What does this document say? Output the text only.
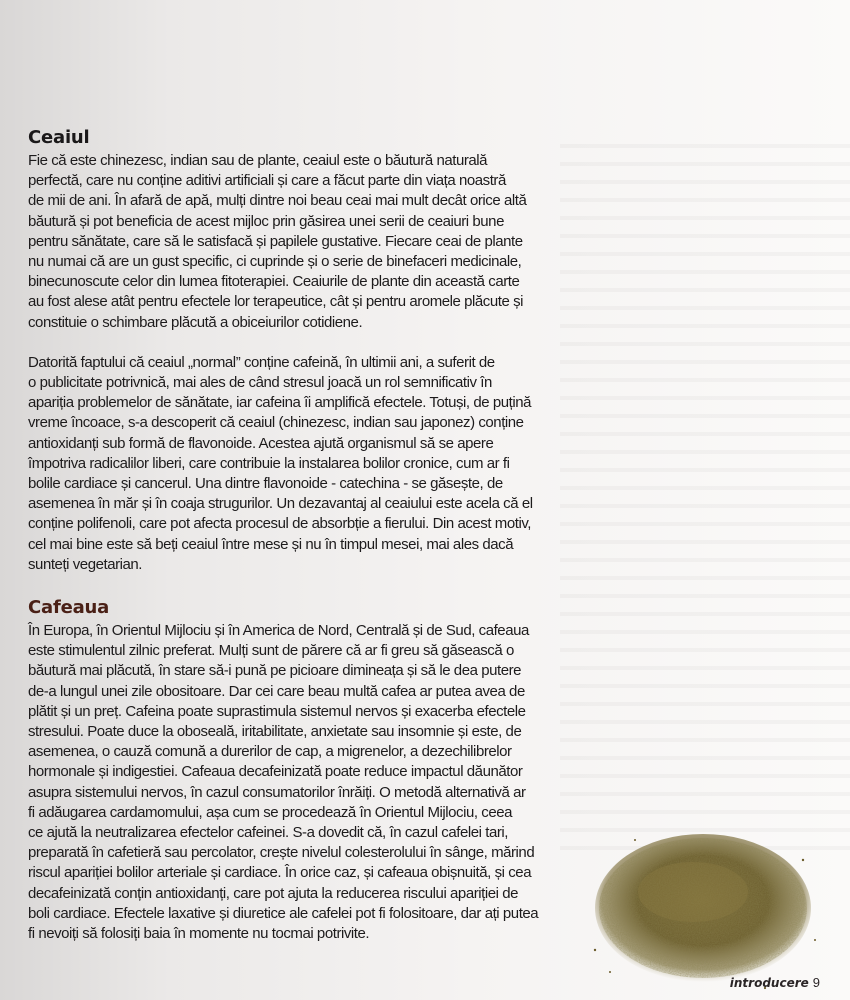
Ceaiul

Fie că este chinezesc, indian sau de plante, ceaiul este o băutură naturală
perfectă, care nu conține aditivi artificiali și care a făcut parte din viața noastră
de mii de ani. În afară de apă, mulți dintre noi beau ceai mai mult decât orice altă
băutură și pot beneficia de acest mijloc prin găsirea unei serii de ceaiuri bune
pentru sănătate, care să le satisfacă și papilele gustative. Fiecare ceai de plante
nu numai că are un gust specific, ci cuprinde și o serie de binefaceri medicinale,
binecunoscute celor din lumea fitoterapiei. Ceaiurile de plante din această carte
au fost alese atât pentru efectele lor terapeutice, cât și pentru aromele plăcute și
constituie o schimbare plăcută a obiceiurilor cotidiene.

Datorită faptului că ceaiul „normal” conține cafeină, în ultimii ani, a suferit de
o publicitate potrivnică, mai ales de când stresul joacă un rol semnificativ în
apariția problemelor de sănătate, iar cafeina îi amplifică efectele. Totuși, de puțină
vreme încoace, s-a descoperit că ceaiul (chinezesc, indian sau japonez) conține
antioxidanți sub formă de flavonoide. Acestea ajută organismul să se apere
împotriva radicalilor liberi, care contribuie la instalarea bolilor cronice, cum ar fi
bolile cardiace și cancerul. Una dintre flavonoide - catechina - se găsește, de
asemenea în măr și în coaja strugurilor. Un dezavantaj al ceaiului este acela că el
conține polifenoli, care pot afecta procesul de absorbție a fierului. Din acest motiv,
cel mai bine este să beți ceaiul între mese și nu în timpul mesei, mai ales dacă
sunteți vegetarian.

Cafeaua

În Europa, în Orientul Mijlociu și în America de Nord, Centrală și de Sud, cafeaua
este stimulentul zilnic preferat. Mulți sunt de părere că ar fi greu să găsească o
băutură mai plăcută, în stare să-i pună pe picioare dimineața și să le dea putere
de-a lungul unei zile obositoare. Dar cei care beau multă cafea ar putea avea de
plătit și un preț. Cafeina poate suprastimula sistemul nervos și exacerba efectele
stresului. Poate duce la oboseală, iritabilitate, anxietate sau insomnie și este, de
asemenea, o cauză comună a durerilor de cap, a migrenelor, a dezechilibrelor
hormonale și indigestiei. Cafeaua decafeinizată poate reduce impactul dăunător
asupra sistemului nervos, în cazul consumatorilor înrăiți. O metodă alternativă ar
fi adăugarea cardamomului, așa cum se procedează în Orientul Mijlociu, ceea
ce ajută la neutralizarea efectelor cafeinei. S-a dovedit că, în cazul cafelei tari,
preparată în cafetieră sau percolator, crește nivelul colesterolului în sânge, mărind
riscul apariției bolilor arteriale și cardiace. În orice caz, și cafeaua obișnuită, și cea
decafeinizată conțin antioxidanți, care pot ajuta la reducerea riscului apariției de
boli cardiace. Efectele laxative și diuretice ale cafelei pot fi folositoare, dar ați putea
fi nevoiți să folosiți baia în momente nu tocmai potrivite.

introducere 9
